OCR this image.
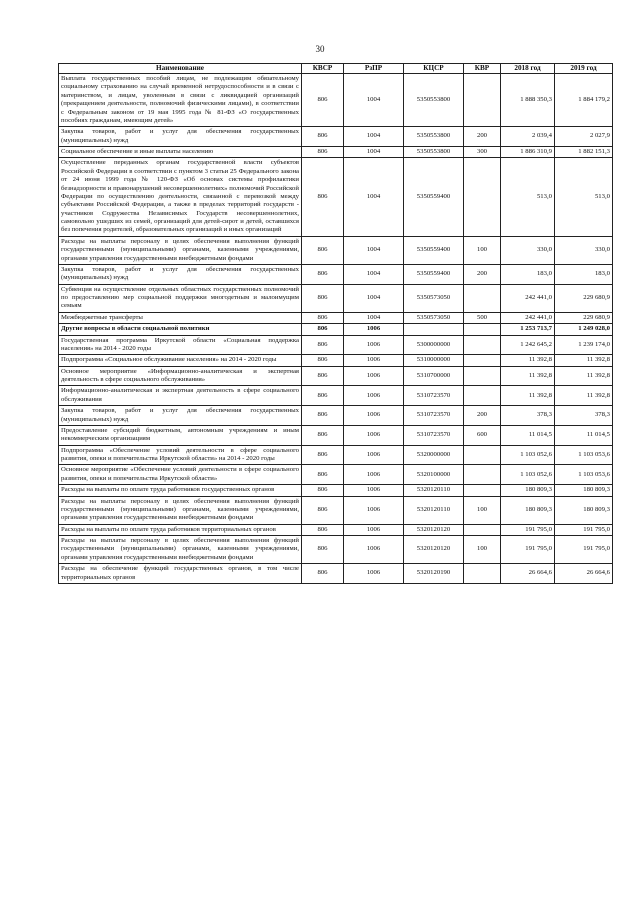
30
Наименование	КВСР	РзПР	КЦСР	КВР	2018 год	2019 год
Выплата государственных пособий лицам, не подлежащим обязательному социальному страхованию на случай временной нетрудоспособности и в связи с материнством, и лицам, уволенным в связи с ликвидацией организаций (прекращением деятельности, полномочий физическими лицами), в соответствии с Федеральным законом от 19 мая 1995 года № 81-ФЗ «О государственных пособиях гражданам, имеющим детей»	806	1004	5350553800		1 888 350,3	1 884 179,2
Закупка товаров, работ и услуг для обеспечения государственных (муниципальных) нужд	806	1004	5350553800	200	2 039,4	2 027,9
Социальное обеспечение и иные выплаты населению	806	1004	5350553800	300	1 886 310,9	1 882 151,3
Осуществление переданных органам государственной власти субъектов Российской Федерации в соответствии с пунктом 3 статьи 25 Федерального закона от 24 июня 1999 года № 120-ФЗ «Об основах системы профилактики безнадзорности и правонарушений несовершеннолетних» полномочий Российской Федерации по осуществлению деятельности, связанной с перевозкой между субъектами Российской Федерации, а также в пределах территорий государств - участников Содружества Независимых Государств несовершеннолетних, самовольно ушедших из семей, организаций для детей-сирот и детей, оставшихся без попечения родителей, образовательных организаций и иных организаций	806	1004	5350559400		513,0	513,0
Расходы на выплаты персоналу в целях обеспечения выполнения функций государственными (муниципальными) органами, казенными учреждениями, органами управления государственными внебюджетными фондами	806	1004	5350559400	100	330,0	330,0
Закупка товаров, работ и услуг для обеспечения государственных (муниципальных) нужд	806	1004	5350559400	200	183,0	183,0
Субвенция на осуществление отдельных областных государственных полномочий по предоставлению мер социальной поддержки многодетным и малоимущим семьям	806	1004	5350573050		242 441,0	229 680,9
Межбюджетные трансферты	806	1004	5350573050	500	242 441,0	229 680,9
Другие вопросы в области социальной политики	806	1006			1 253 713,7	1 249 028,0
Государственная программа Иркутской области «Социальная поддержка населения» на 2014 - 2020 годы	806	1006	5300000000		1 242 645,2	1 239 174,0
Подпрограмма «Социальное обслуживание населения» на 2014 - 2020 годы	806	1006	5310000000		11 392,8	11 392,8
Основное мероприятие «Информационно-аналитическая и экспертная деятельность в сфере социального обслуживания»	806	1006	5310700000		11 392,8	11 392,8
Информационно-аналитическая и экспертная деятельность в сфере социального обслуживания	806	1006	5310723570		11 392,8	11 392,8
Закупка товаров, работ и услуг для обеспечения государственных (муниципальных) нужд	806	1006	5310723570	200	378,3	378,3
Предоставление субсидий бюджетным, автономным учреждениям и иным некоммерческим организациям	806	1006	5310723570	600	11 014,5	11 014,5
Подпрограмма «Обеспечение условий деятельности в сфере социального развития, опеки и попечительства Иркутской области» на 2014 - 2020 годы	806	1006	5320000000		1 103 052,6	1 103 053,6
Основное мероприятие «Обеспечение условий деятельности в сфере социального развития, опеки и попечительства Иркутской области»	806	1006	5320100000		1 103 052,6	1 103 053,6
Расходы на выплаты по оплате труда работников государственных органов	806	1006	5320120110		180 809,3	180 809,3
Расходы на выплаты персоналу в целях обеспечения выполнения функций государственными (муниципальными) органами, казенными учреждениями, органами управления государственными внебюджетными фондами	806	1006	5320120110	100	180 809,3	180 809,3
Расходы на выплаты по оплате труда работников территориальных органов	806	1006	5320120120		191 795,0	191 795,0
Расходы на выплаты персоналу в целях обеспечения выполнения функций государственными (муниципальными) органами, казенными учреждениями, органами управления государственными внебюджетными фондами	806	1006	5320120120	100	191 795,0	191 795,0
Расходы на обеспечение функций государственных органов, в том числе территориальных органов	806	1006	5320120190		26 664,6	26 664,6
